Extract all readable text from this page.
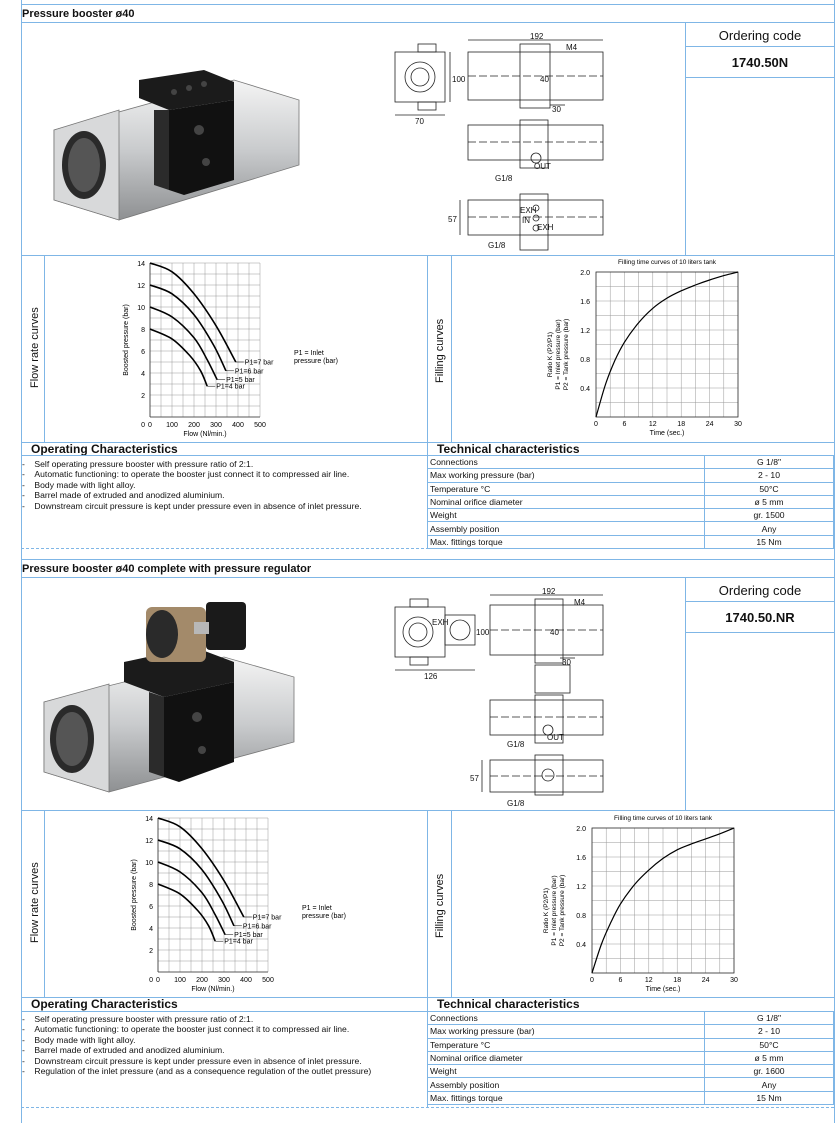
Pressure booster ø40
192
M4
40
100
30
70
G1/8
OUT
57
EXH
IN
EXH
G1/8
Ordering code
1740.50N
Flow rate curves	Filling curves
0 100 200 300 400 500
2
4
6
8
10
12
14
0
Flow (Nl/min.)
Boosted pressure (bar)	P1=7 bar
P1=6 bar
P1=5 bar
P1=4 bar
P1 = Inlet
pressure (bar)
Filling time curves of 10 liters tank
0	6	12	18	24	30
0.4
0.8
1.2
1.6
2.0
Time (sec.)
Ratio K (P2/P1) P1 = Inlet pressure (bar) P2 = Tank pressure (bar)
Operating Characteristics	Technical characteristics
-    Self operating pressure booster with pressure ratio of 2:1.
-    Automatic functioning: to operate the booster just connect it to compressed air line.
-    Body made with light alloy.
-    Barrel made of extruded and anodized aluminium.
-    Downstream circuit pressure is kept under pressure even in absence of inlet pressure.
Connections	G 1/8"
Max working pressure (bar)	2 - 10
Temperature °C	50°C
Nominal orifice diameter	ø 5 mm
Weight	gr. 1500
Assembly position	Any
Max. fittings torque	15 Nm
Pressure booster ø40 complete with pressure regulator
192
M4
40
100
30
126
EXH
G1/8
OUT
57
G1/8
Ordering code
1740.50.NR
Flow rate curves	Filling curves
0 100 200 300 400 500
2
4
6
8
10
12
14
0
Flow (Nl/min.)
Boosted pressure (bar)	P1=7 bar
P1=6 bar
P1=5 bar
P1=4 bar
P1 = Inlet
pressure (bar)
Filling time curves of 10 liters tank
0	6	12	18	24	30
0.4
0.8
1.2
1.6
2.0
Time (sec.)
Ratio K (P2/P1) P1 = Inlet pressure (bar) P2 = Tank pressure (bar)
Operating Characteristics	Technical characteristics
-    Self operating pressure booster with pressure ratio of 2:1.
-    Automatic functioning: to operate the booster just connect it to compressed air line.
-    Body made with light alloy.
-    Barrel made of extruded and anodized aluminium.
-    Downstream circuit pressure is kept under pressure even in absence of inlet pressure.
-    Regulation of the inlet pressure (and as a consequence regulation of the outlet pressure)
Connections	G 1/8"
Max working pressure (bar)	2 - 10
Temperature °C	50°C
Nominal orifice diameter	ø 5 mm
Weight	gr. 1600
Assembly position	Any
Max. fittings torque	15 Nm
